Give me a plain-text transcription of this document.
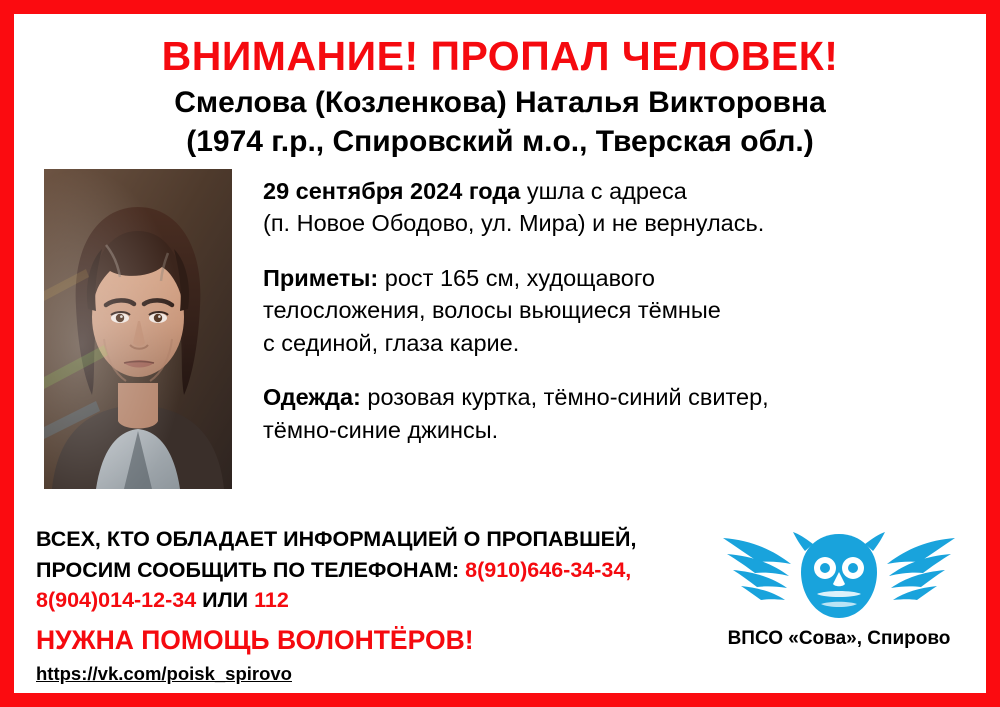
ВНИМАНИЕ! ПРОПАЛ ЧЕЛОВЕК!
Смелова (Козленкова) Наталья Викторовна
(1974 г.р., Спировский м.о., Тверская обл.)

29 сентября 2024 года ушла с адреса
(п. Новое Ободово, ул. Мира) и не вернулась.

Приметы: рост 165 см, худощавого
телосложения, волосы вьющиеся тёмные
с сединой, глаза карие.

Одежда: розовая куртка, тёмно-синий свитер,
тёмно-синие джинсы.

ВСЕХ, КТО ОБЛАДАЕТ ИНФОРМАЦИЕЙ О ПРОПАВШЕЙ,
ПРОСИМ СООБЩИТЬ ПО ТЕЛЕФОНАМ: 8(910)646-34-34,
8(904)014-12-34 ИЛИ 112

НУЖНА ПОМОЩЬ ВОЛОНТЁРОВ!

https://vk.com/poisk_spirovo

ВПСО «Сова», Спирово
